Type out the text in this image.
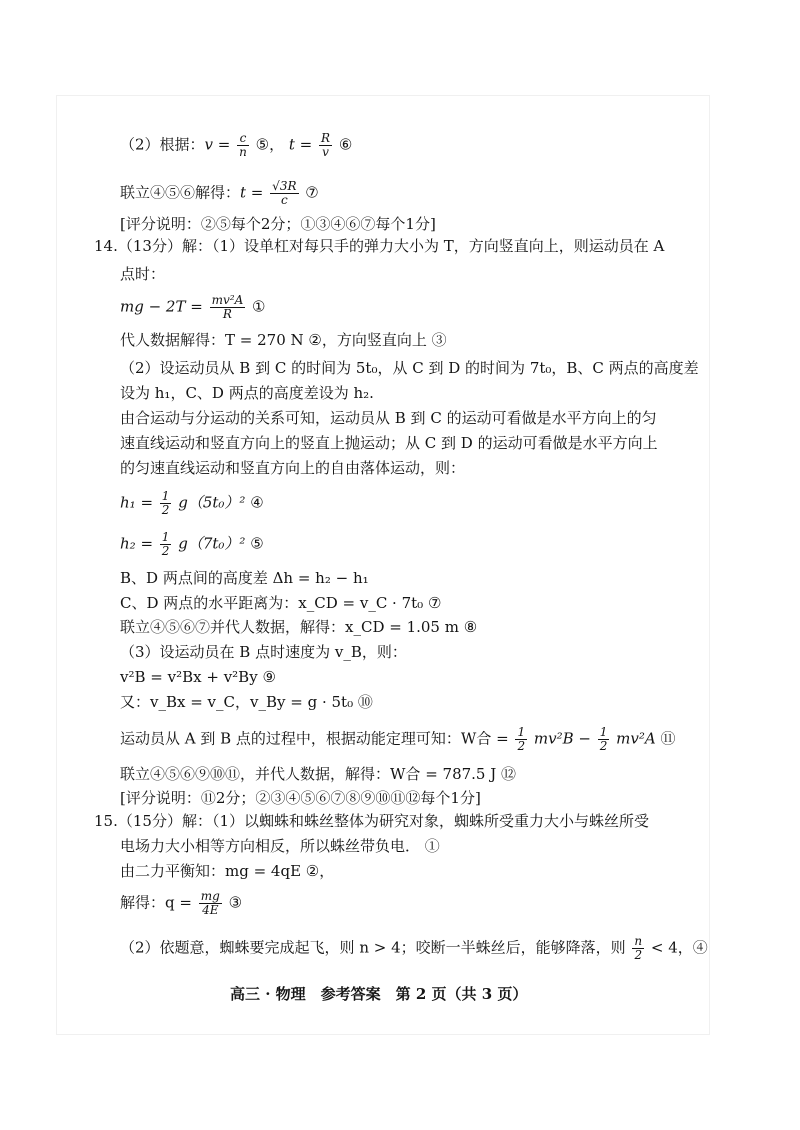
（2）根据：$v = \frac{c}{n}$ ⑤， $t = \frac{R}{v}$ ⑥
联立④⑤⑥解得：$t = \frac{√3R}{c}$ ⑦
[评分说明：②⑤每个2分；①③④⑥⑦每个1分]
14.（13分）解：（1）设单杠对每只手的弹力大小为 T，方向竖直向上，则运动员在 A
点时：
mg − $2T = \frac{\text{mv²A}}{R}$ ①
代人数据解得：T = 270 N ②，方向竖直向上 ③
（2）设运动员从 B 到 C 的时间为 5t₀，从 C 到 D 的时间为 7t₀，B、C 两点的高度差
设为 h₁，C、D 两点的高度差设为 h₂.
由合运动与分运动的关系可知，运动员从 B 到 C 的运动可看做是水平方向上的匀
速直线运动和竖直方向上的竖直上抛运动；从 C 到 D 的运动可看做是水平方向上
的匀速直线运动和竖直方向上的自由落体运动，则：
$h_1 = \frac{1}{2} g(5t_0)^2$ ④
$h_2 = \frac{1}{2} g(7t_0)^2$ ⑤
B、D 两点间的高度差 Δh = h₂ − h₁
C、D 两点的水平距离为：x_CD = v_C · 7t₀ ⑦
联立④⑤⑥⑦并代人数据，解得：x_CD = 1.05 m ⑧
（3）设运动员在 B 点时速度为 v_B，则：
v²B = v²Bx + v²By ⑨
又：v_Bx = v_C，v_By = g · 5t₀ ⑩
运动员从 A 到 B 点的过程中，根据动能定理可知：W合 = $\frac{1}{2} mv^2B - \frac{1}{2} mv^2A$ ⑪
联立④⑤⑥⑨⑩⑪，并代人数据，解得：W合 = 787.5 J ⑫
[评分说明：⑪2分；②③④⑤⑥⑦⑧⑨⑩⑪⑫每个1分]
15.（15分）解：（1）以蜘蛛和蛛丝整体为研究对象，蜘蛛所受重力大小与蛛丝所受
电场力大小相等方向相反，所以蛛丝带负电． ①
由二力平衡知：mg = 4qE ②，
解得：$q = \frac{mg}{4E}$ ③
（2）依题意，蜘蛛要完成起飞，则 n > 4；咬断一半蛛丝后，能够降落，则 $\frac{n}{2} < 4$，④
高三 · 物理　参考答案　第 2 页（共 3 页）
